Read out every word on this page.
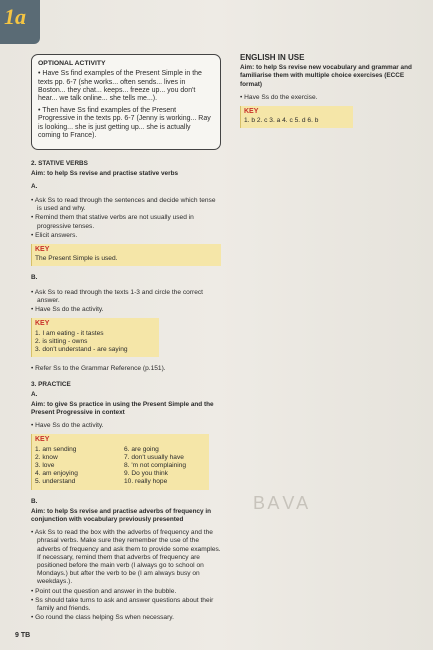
1a
OPTIONAL ACTIVITY

• Have Ss find examples of the Present Simple in the texts pp. 6-7 (she works... often sends... lives in Boston... they chat... keeps... freeze up... you don't hear... we talk online... she tells me...).

• Then have Ss find examples of the Present Progressive in the texts pp. 6-7 (Jenny is working... Ray is looking... she is just getting up... she is actually coming to France).

2. STATIVE VERBS
Aim: to help Ss revise and practise stative verbs
A.
• Ask Ss to read through the sentences and decide which tense is used and why.
• Remind them that stative verbs are not usually used in progressive tenses.
• Elicit answers.
KEY
The Present Simple is used.
B.
• Ask Ss to read through the texts 1-3 and circle the correct answer.
• Have Ss do the activity.
KEY
1. I am eating - it tastes
2. is sitting - owns
3. don't understand - are saying
• Refer Ss to the Grammar Reference (p.151).
3. PRACTICE
A.
Aim: to give Ss practice in using the Present Simple and the Present Progressive in context
• Have Ss do the activity.
KEY
1. am sending
2. know
3. love
4. am enjoying
5. understand
6. are going
7. don't usually have
8. 'm not complaining
9. Do you think
10. really hope
B.
Aim: to help Ss revise and practise adverbs of frequency in conjunction with vocabulary previously presented
• Ask Ss to read the box with the adverbs of frequency and the phrasal verbs. Make sure they remember the use of the adverbs of frequency and ask them to provide some examples. If necessary, remind them that adverbs of frequency are positioned before the main verb (I always go to school on Mondays.) but after the verb to be (I am always busy on weekdays.).
• Point out the question and answer in the bubble.
• Ss should take turns to ask and answer questions about their family and friends.
• Go round the class helping Ss when necessary.
ENGLISH IN USE
Aim: to help Ss revise new vocabulary and grammar and familiarise them with multiple choice exercises (ECCE format)
• Have Ss do the exercise.
KEY
1. b 2. c 3. a 4. c 5. d 6. b
ВАVA
9 TB
